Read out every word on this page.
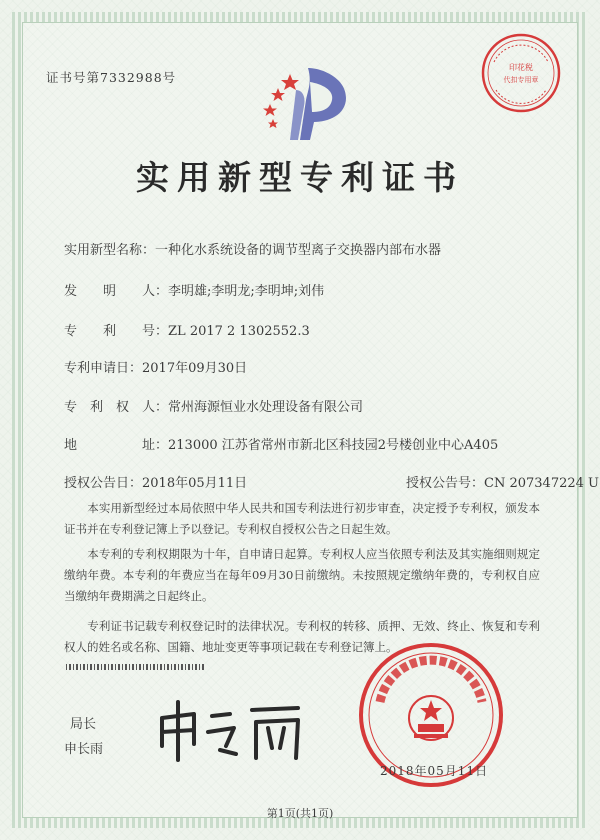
证书号第7332988号
印花税
代扣专用章
实用新型专利证书
实用新型名称：一种化水系统设备的调节型离子交换器内部布水器
发　　明　　人：李明雄;李明龙;李明坤;刘伟
专　　利　　号：ZL 2017 2 1302552.3
专利申请日：2017年09月30日
专　利　权　人：常州海源恒业水处理设备有限公司
地　　　　　址：213000 江苏省常州市新北区科技园2号楼创业中心A405
授权公告日：2018年05月11日	授权公告号：CN 207347224 U
　　本实用新型经过本局依照中华人民共和国专利法进行初步审查，决定授予专利权，颁发本证书并在专利登记簿上予以登记。专利权自授权公告之日起生效。
　　本专利的专利权期限为十年，自申请日起算。专利权人应当依照专利法及其实施细则规定缴纳年费。本专利的年费应当在每年09月30日前缴纳。未按照规定缴纳年费的，专利权自应当缴纳年费期满之日起终止。
　　专利证书记载专利权登记时的法律状况。专利权的转移、质押、无效、终止、恢复和专利权人的姓名或名称、国籍、地址变更等事项记载在专利登记簿上。
局长
申长雨
2018年05月11日
第1页(共1页)
